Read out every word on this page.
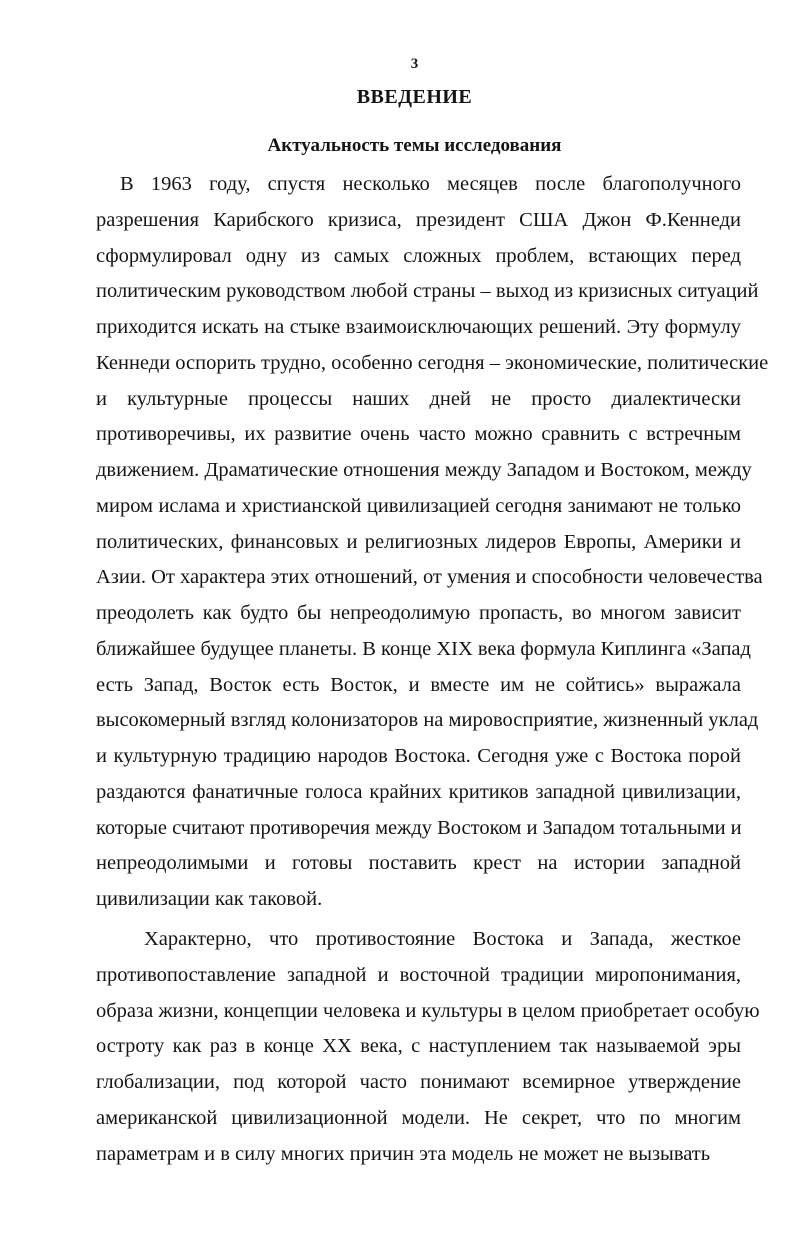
3
ВВЕДЕНИЕ
Актуальность темы исследования
В 1963 году, спустя несколько месяцев после благополучного
разрешения Карибского кризиса, президент США Джон Ф.Кеннеди
сформулировал одну из самых сложных проблем, встающих перед
политическим руководством любой страны – выход из кризисных ситуаций
приходится искать на стыке взаимоисключающих решений. Эту формулу
Кеннеди оспорить трудно, особенно сегодня – экономические, политические
и культурные процессы наших дней не просто диалектически
противоречивы, их развитие очень часто можно сравнить с встречным
движением. Драматические отношения между Западом и Востоком, между
миром ислама и христианской цивилизацией сегодня занимают не только
политических, финансовых и религиозных лидеров Европы, Америки и
Азии. От характера этих отношений, от умения и способности человечества
преодолеть как будто бы непреодолимую пропасть, во многом зависит
ближайшее будущее планеты. В конце XIX века формула Киплинга «Запад
есть Запад, Восток есть Восток, и вместе им не сойтись» выражала
высокомерный взгляд колонизаторов на мировосприятие, жизненный уклад
и культурную традицию народов Востока. Сегодня уже с Востока порой
раздаются фанатичные голоса крайних критиков западной цивилизации,
которые считают противоречия между Востоком и Западом тотальными и
непреодолимыми и готовы поставить крест на истории западной
цивилизации как таковой.
Характерно, что противостояние Востока и Запада, жесткое
противопоставление западной и восточной традиции миропонимания,
образа жизни, концепции человека и культуры в целом приобретает особую
остроту как раз в конце XX века, с наступлением так называемой эры
глобализации, под которой часто понимают всемирное утверждение
американской цивилизационной модели. Не секрет, что по многим
параметрам и в силу многих причин эта модель не может не вызывать
